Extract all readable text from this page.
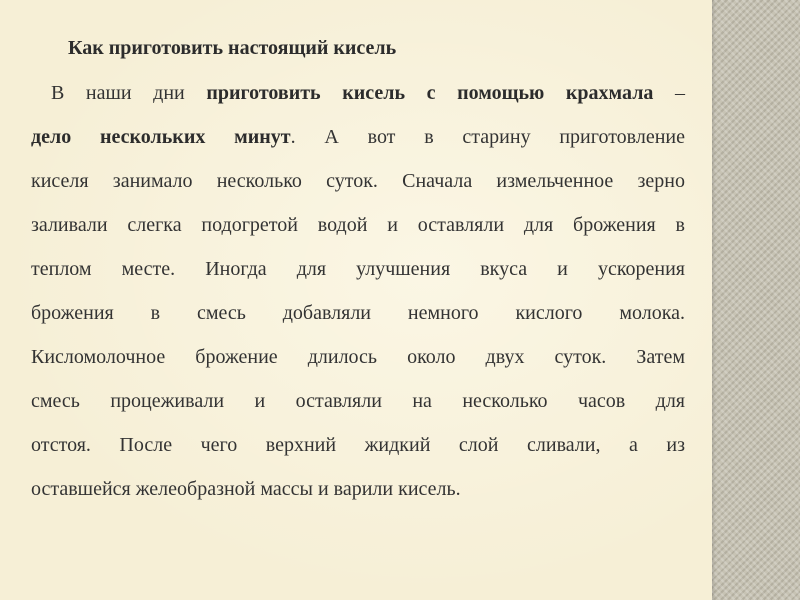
Как приготовить настоящий кисель
В наши дни приготовить кисель с помощью крахмала –
дело нескольких минут. А вот в старину приготовление
киселя занимало несколько суток. Сначала измельченное зерно
заливали слегка подогретой водой и оставляли для брожения в
теплом месте. Иногда для улучшения вкуса и ускорения
брожения в смесь добавляли немного кислого молока.
Кисломолочное брожение длилось около двух суток. Затем
смесь процеживали и оставляли на несколько часов для
отстоя. После чего верхний жидкий слой сливали, а из
оставшейся желеобразной массы и варили кисель.
